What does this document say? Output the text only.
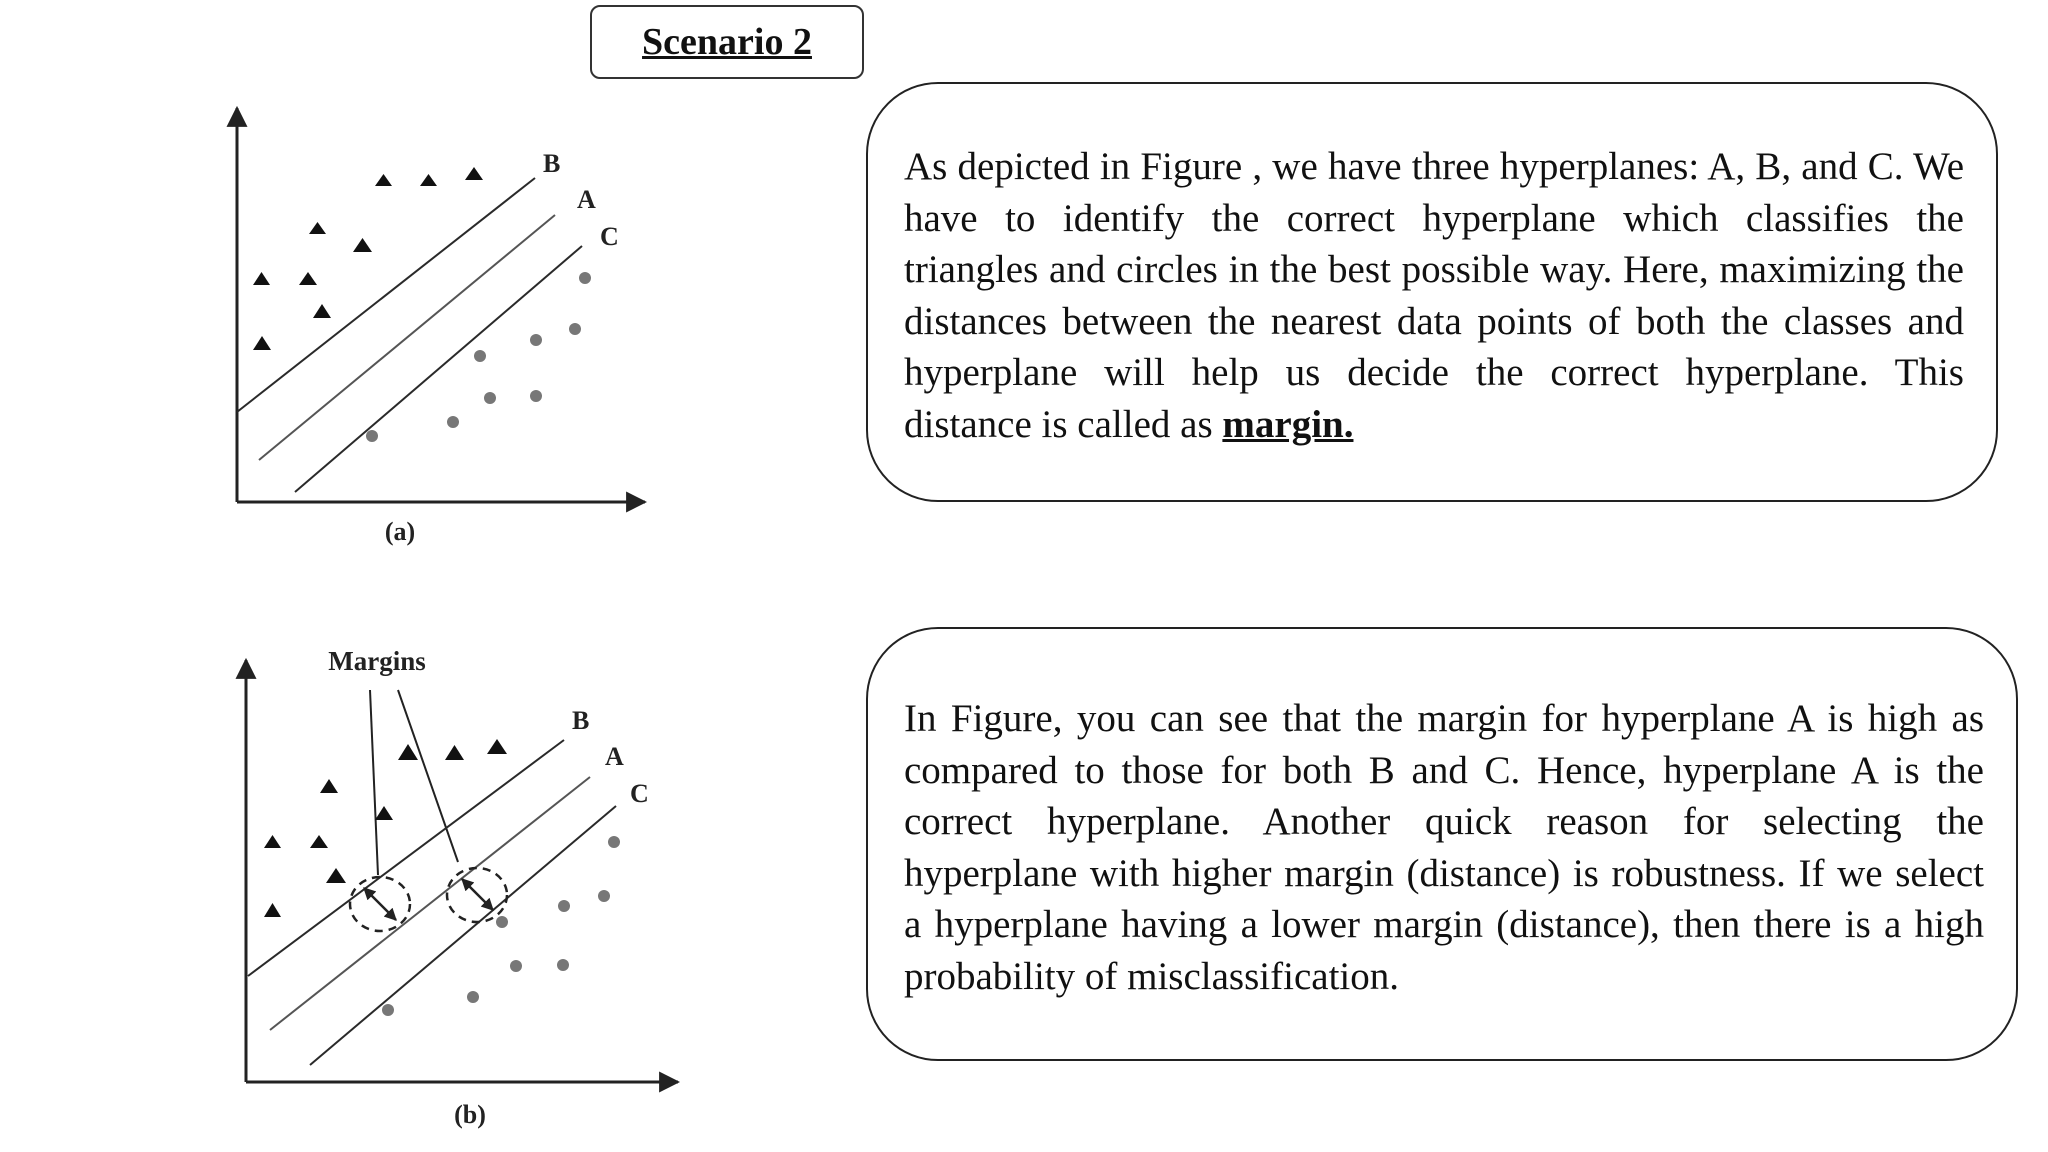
Scenario 2
B
A
C
(a)
Margins
B
A
C
(b)

As depicted in Figure , we have three hyperplanes: A, B, and C. We have to identify the correct hyperplane which classifies the triangles and circles in the best possible way. Here, maximizing the distances between the nearest data points of both the classes and hyperplane will help us decide the correct hyperplane. This distance is called as margin.

In Figure, you can see that the margin for hyperplane A is high as compared to those for both B and C. Hence, hyperplane A is the correct hyperplane. Another quick reason for selecting the hyperplane with higher margin (distance) is robustness. If we select a hyperplane having a lower margin (distance), then there is a high probability of misclassification.
